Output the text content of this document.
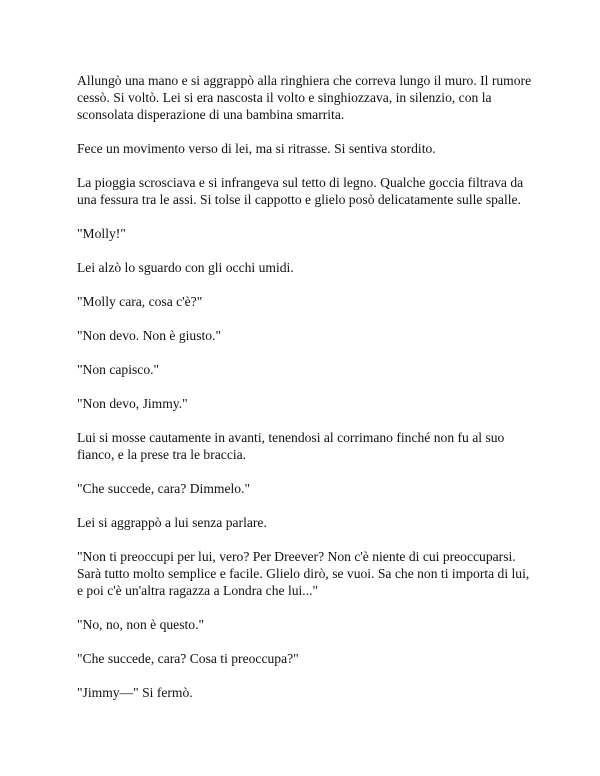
Allungò una mano e si aggrappò alla ringhiera che correva lungo il muro. Il rumore cessò. Si voltò. Lei si era nascosta il volto e singhiozzava, in silenzio, con la sconsolata disperazione di una bambina smarrita.

Fece un movimento verso di lei, ma si ritrasse. Si sentiva stordito.

La pioggia scrosciava e si infrangeva sul tetto di legno. Qualche goccia filtrava da una fessura tra le assi. Si tolse il cappotto e glielo posò delicatamente sulle spalle.

"Molly!"

Lei alzò lo sguardo con gli occhi umidi.

"Molly cara, cosa c'è?"

"Non devo. Non è giusto."

"Non capisco."

"Non devo, Jimmy."

Lui si mosse cautamente in avanti, tenendosi al corrimano finché non fu al suo fianco, e la prese tra le braccia.

"Che succede, cara? Dimmelo."

Lei si aggrappò a lui senza parlare.

"Non ti preoccupi per lui, vero? Per Dreever? Non c'è niente di cui preoccuparsi. Sarà tutto molto semplice e facile. Glielo dirò, se vuoi. Sa che non ti importa di lui, e poi c'è un'altra ragazza a Londra che lui..."

"No, no, non è questo."

"Che succede, cara? Cosa ti preoccupa?"

"Jimmy—" Si fermò.
